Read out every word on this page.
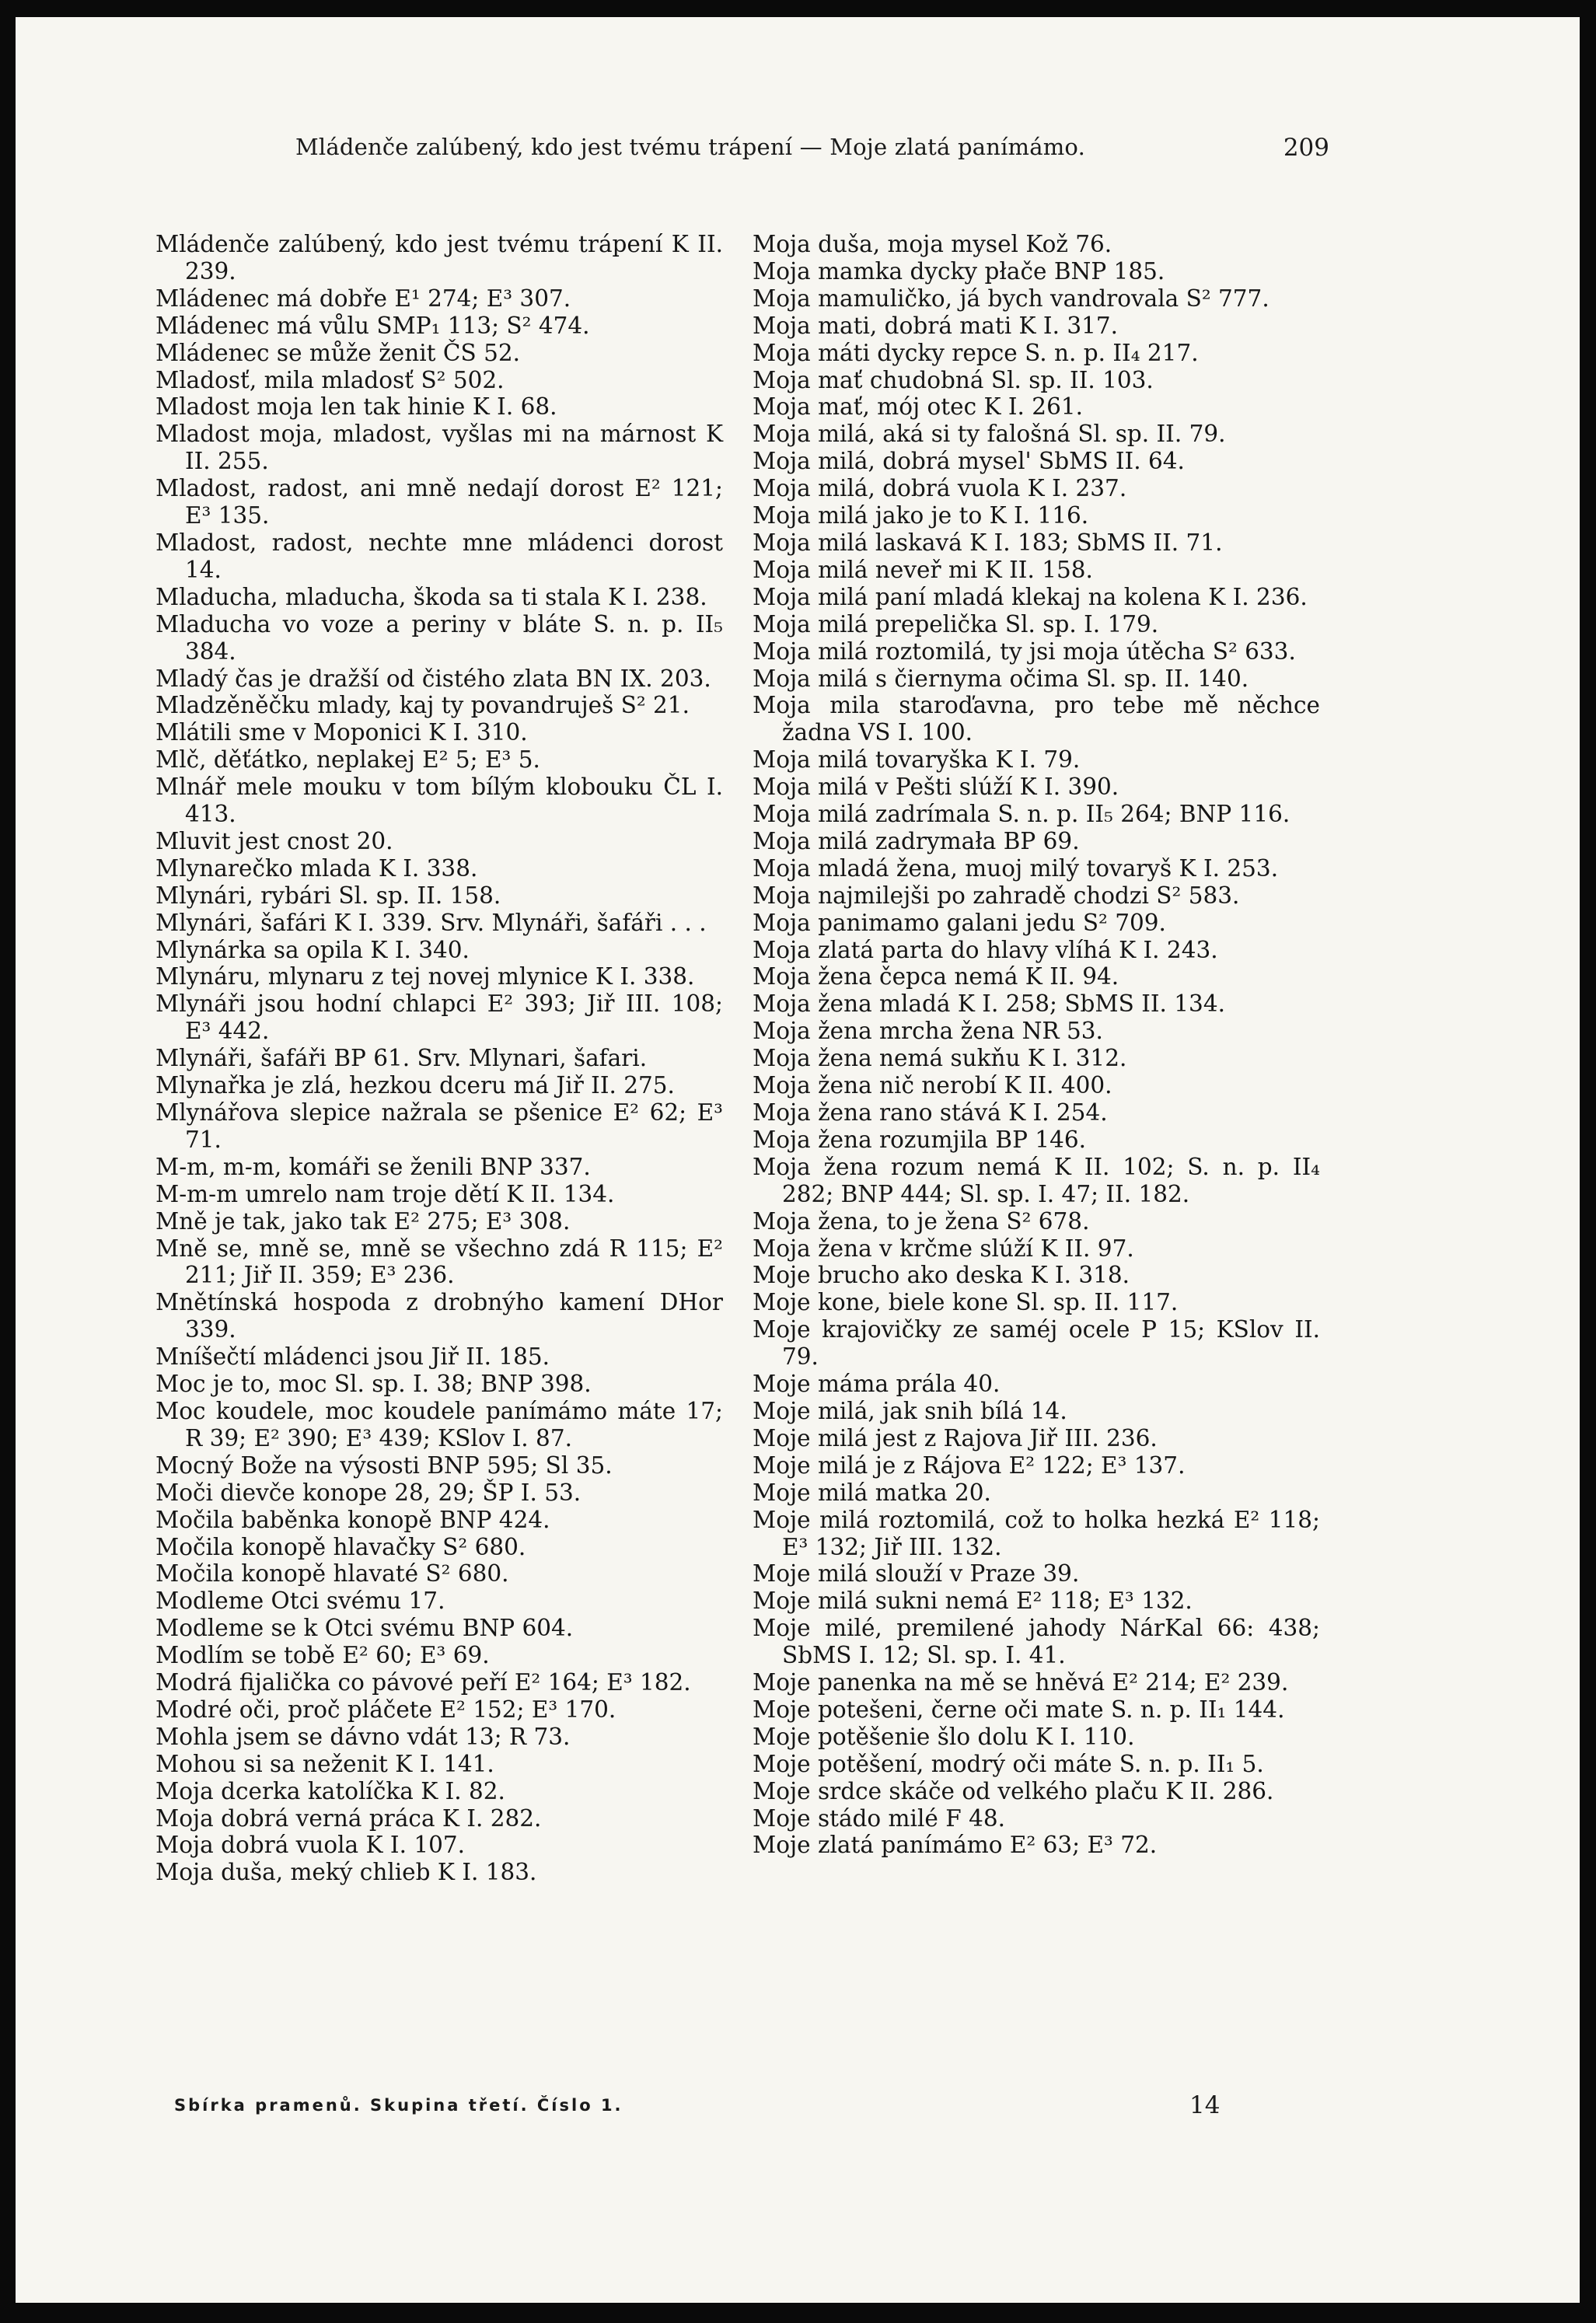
Mládenče zalúbený, kdo jest tvému trápení — Moje zlatá panímámo.	209
Mládenče zalúbený, kdo jest tvému trápení K II. 239.
Mládenec má dobře E¹ 274; E³ 307.
Mládenec má vůlu SMP₁ 113; S² 474.
Mládenec se může ženit ČS 52.
Mladosť, mila mladosť S² 502.
Mladost moja len tak hinie K I. 68.
Mladost moja, mladost, vyšlas mi na márnost K II. 255.
Mladost, radost, ani mně nedají dorost E² 121; E³ 135.
Mladost, radost, nechte mne mládenci dorost 14.
Mladucha, mladucha, škoda sa ti stala K I. 238.
Mladucha vo voze a periny v bláte S. n. p. II₅ 384.
Mladý čas je dražší od čistého zlata BN IX. 203.
Mladzěněčku mlady, kaj ty povandruješ S² 21.
Mlátili sme v Moponici K I. 310.
Mlč, děťátko, neplakej E² 5; E³ 5.
Mlnář mele mouku v tom bílým klobouku ČL I. 413.
Mluvit jest cnost 20.
Mlynarečko mlada K I. 338.
Mlynári, rybári Sl. sp. II. 158.
Mlynári, šafári K I. 339. Srv. Mlynáři, šafáři . . .
Mlynárka sa opila K I. 340.
Mlynáru, mlynaru z tej novej mlynice K I. 338.
Mlynáři jsou hodní chlapci E² 393; Jiř III. 108; E³ 442.
Mlynáři, šafáři BP 61. Srv. Mlynari, šafari.
Mlynařka je zlá, hezkou dceru má Jiř II. 275.
Mlynářova slepice nažrala se pšenice E² 62; E³ 71.
M-m, m-m, komáři se ženili BNP 337.
M-m-m umrelo nam troje dětí K II. 134.
Mně je tak, jako tak E² 275; E³ 308.
Mně se, mně se, mně se všechno zdá R 115; E² 211; Jiř II. 359; E³ 236.
Mnětínská hospoda z drobnýho kamení DHor 339.
Mníšečtí mládenci jsou Jiř II. 185.
Moc je to, moc Sl. sp. I. 38; BNP 398.
Moc koudele, moc koudele panímámo máte 17; R 39; E² 390; E³ 439; KSlov I. 87.
Mocný Bože na výsosti BNP 595; Sl 35.
Moči dievče konope 28, 29; ŠP I. 53.
Močila baběnka konopě BNP 424.
Močila konopě hlavačky S² 680.
Močila konopě hlavaté S² 680.
Modleme Otci svému 17.
Modleme se k Otci svému BNP 604.
Modlím se tobě E² 60; E³ 69.
Modrá fijalička co pávové peří E² 164; E³ 182.
Modré oči, proč pláčete E² 152; E³ 170.
Mohla jsem se dávno vdát 13; R 73.
Mohou si sa neženit K I. 141.
Moja dcerka katolíčka K I. 82.
Moja dobrá verná práca K I. 282.
Moja dobrá vuola K I. 107.
Moja duša, meký chlieb K I. 183.
Moja duša, moja mysel Kož 76.
Moja mamka dycky płače BNP 185.
Moja mamuličko, já bych vandrovala S² 777.
Moja mati, dobrá mati K I. 317.
Moja máti dycky repce S. n. p. II₄ 217.
Moja mať chudobná Sl. sp. II. 103.
Moja mať, mój otec K I. 261.
Moja milá, aká si ty falošná Sl. sp. II. 79.
Moja milá, dobrá mysel' SbMS II. 64.
Moja milá, dobrá vuola K I. 237.
Moja milá jako je to K I. 116.
Moja milá laskavá K I. 183; SbMS II. 71.
Moja milá neveř mi K II. 158.
Moja milá paní mladá klekaj na kolena K I. 236.
Moja milá prepelička Sl. sp. I. 179.
Moja milá roztomilá, ty jsi moja útěcha S² 633.
Moja milá s čiernyma očima Sl. sp. II. 140.
Moja mila staroďavna, pro tebe mě něchce žadna VS I. 100.
Moja milá tovaryška K I. 79.
Moja milá v Pešti slúží K I. 390.
Moja milá zadrímala S. n. p. II₅ 264; BNP 116.
Moja milá zadrymała BP 69.
Moja mladá žena, muoj milý tovaryš K I. 253.
Moja najmilejši po zahradě chodzi S² 583.
Moja panimamo galani jedu S² 709.
Moja zlatá parta do hlavy vlíhá K I. 243.
Moja žena čepca nemá K II. 94.
Moja žena mladá K I. 258; SbMS II. 134.
Moja žena mrcha žena NR 53.
Moja žena nemá sukňu K I. 312.
Moja žena nič nerobí K II. 400.
Moja žena rano stává K I. 254.
Moja žena rozumjila BP 146.
Moja žena rozum nemá K II. 102; S. n. p. II₄ 282; BNP 444; Sl. sp. I. 47; II. 182.
Moja žena, to je žena S² 678.
Moja žena v krčme slúží K II. 97.
Moje brucho ako deska K I. 318.
Moje kone, biele kone Sl. sp. II. 117.
Moje krajovičky ze saméj ocele P 15; KSlov II. 79.
Moje máma prála 40.
Moje milá, jak snih bílá 14.
Moje milá jest z Rajova Jiř III. 236.
Moje milá je z Rájova E² 122; E³ 137.
Moje milá matka 20.
Moje milá roztomilá, což to holka hezká E² 118; E³ 132; Jiř III. 132.
Moje milá slouží v Praze 39.
Moje milá sukni nemá E² 118; E³ 132.
Moje milé, premilené jahody NárKal 66: 438; SbMS I. 12; Sl. sp. I. 41.
Moje panenka na mě se hněvá E² 214; E² 239.
Moje potešeni, černe oči mate S. n. p. II₁ 144.
Moje potěšenie šlo dolu K I. 110.
Moje potěšení, modrý oči máte S. n. p. II₁ 5.
Moje srdce skáče od velkého plaču K II. 286.
Moje stádo milé F 48.
Moje zlatá panímámo E² 63; E³ 72.
Sbírka pramenů. Skupina třetí. Číslo 1.	14
